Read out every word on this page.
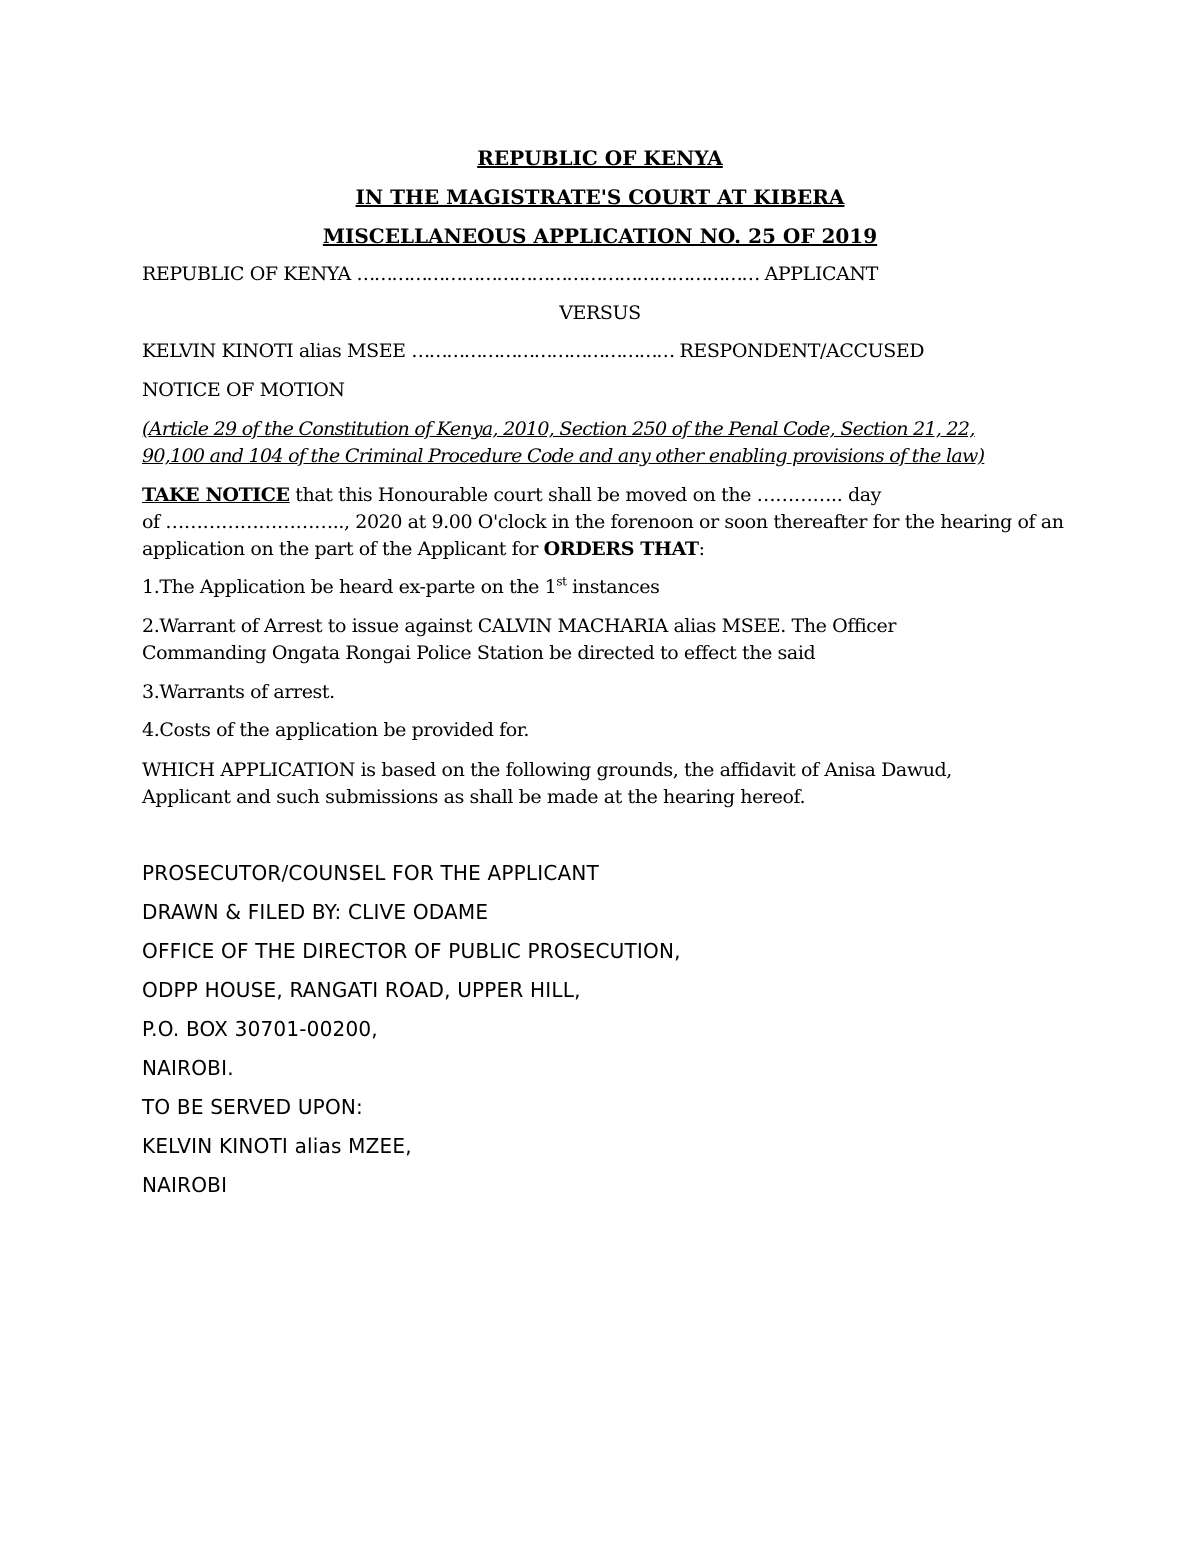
REPUBLIC OF KENYA
IN THE MAGISTRATE'S COURT AT KIBERA
MISCELLANEOUS APPLICATION NO. 25 OF 2019
REPUBLIC OF KENYA …………………………………………………………… APPLICANT
VERSUS
KELVIN KINOTI alias MSEE ……………………………………… RESPONDENT/ACCUSED
NOTICE OF MOTION
(Article 29 of the Constitution of Kenya, 2010, Section 250 of the Penal Code, Section 21, 22,
90,100 and 104 of the Criminal Procedure Code and any other enabling provisions of the law)
TAKE NOTICE that this Honourable court shall be moved on the ………….. day
of ……………………….., 2020 at 9.00 O'clock in the forenoon or soon thereafter for the hearing of an
application on the part of the Applicant for ORDERS THAT:
1.The Application be heard ex-parte on the 1st instances
2.Warrant of Arrest to issue against CALVIN MACHARIA alias MSEE. The Officer
Commanding Ongata Rongai Police Station be directed to effect the said
3.Warrants of arrest.
4.Costs of the application be provided for.
WHICH APPLICATION is based on the following grounds, the affidavit of Anisa Dawud,
Applicant and such submissions as shall be made at the hearing hereof.
PROSECUTOR/COUNSEL FOR THE APPLICANT
DRAWN & FILED BY: CLIVE ODAME
OFFICE OF THE DIRECTOR OF PUBLIC PROSECUTION,
ODPP HOUSE, RANGATI ROAD, UPPER HILL,
P.O. BOX 30701-00200,
NAIROBI.
TO BE SERVED UPON:
KELVIN KINOTI alias MZEE,
NAIROBI
